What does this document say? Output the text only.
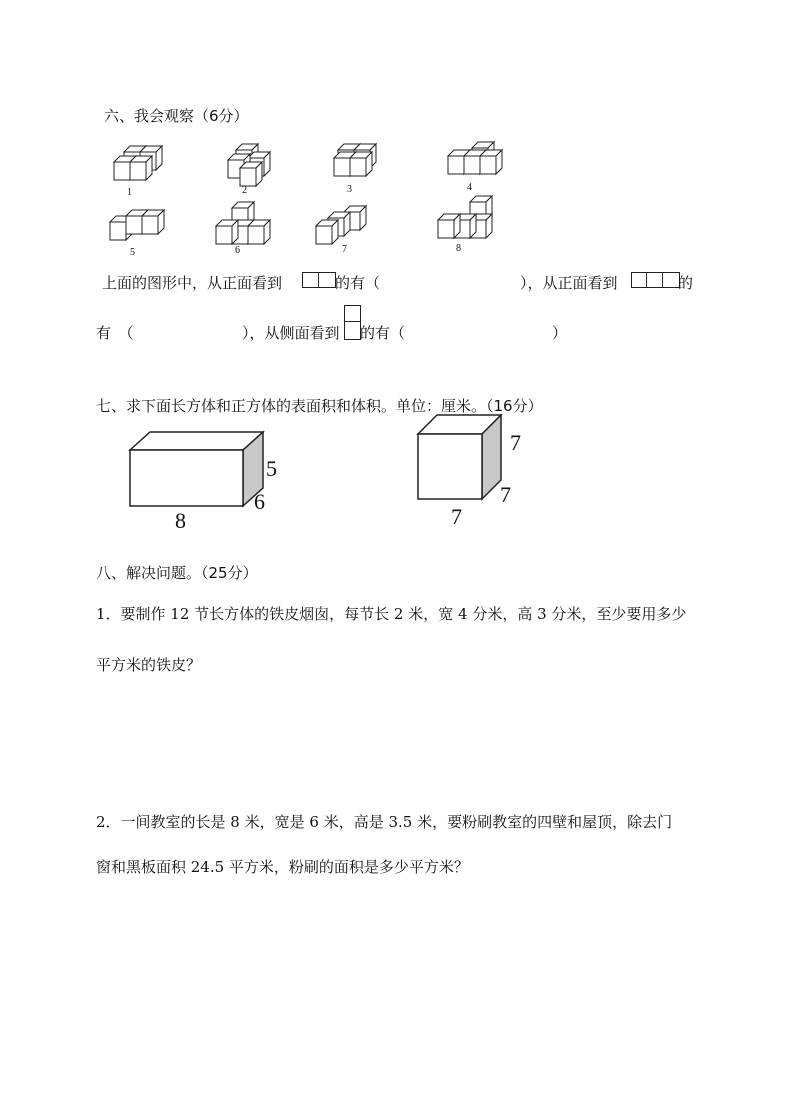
六、我会观察（6分）
1	2	3	4
5	6	7	8
上面的图形中，从正面看到	的有（	），从正面看到	的
有　（	），从侧面看到 的有（	）
七、求下面长方体和正方体的表面积和体积。单位：厘米。（16分）
5
6
8
7
7
7
八、解决问题。（25分）
1．要制作 12 节长方体的铁皮烟囱，每节长 2 米，宽 4 分米，高 3 分米，至少要用多少
平方米的铁皮？
2．一间教室的长是 8 米，宽是 6 米，高是 3.5 米，要粉刷教室的四壁和屋顶，除去门
窗和黑板面积 24.5 平方米，粉刷的面积是多少平方米？
